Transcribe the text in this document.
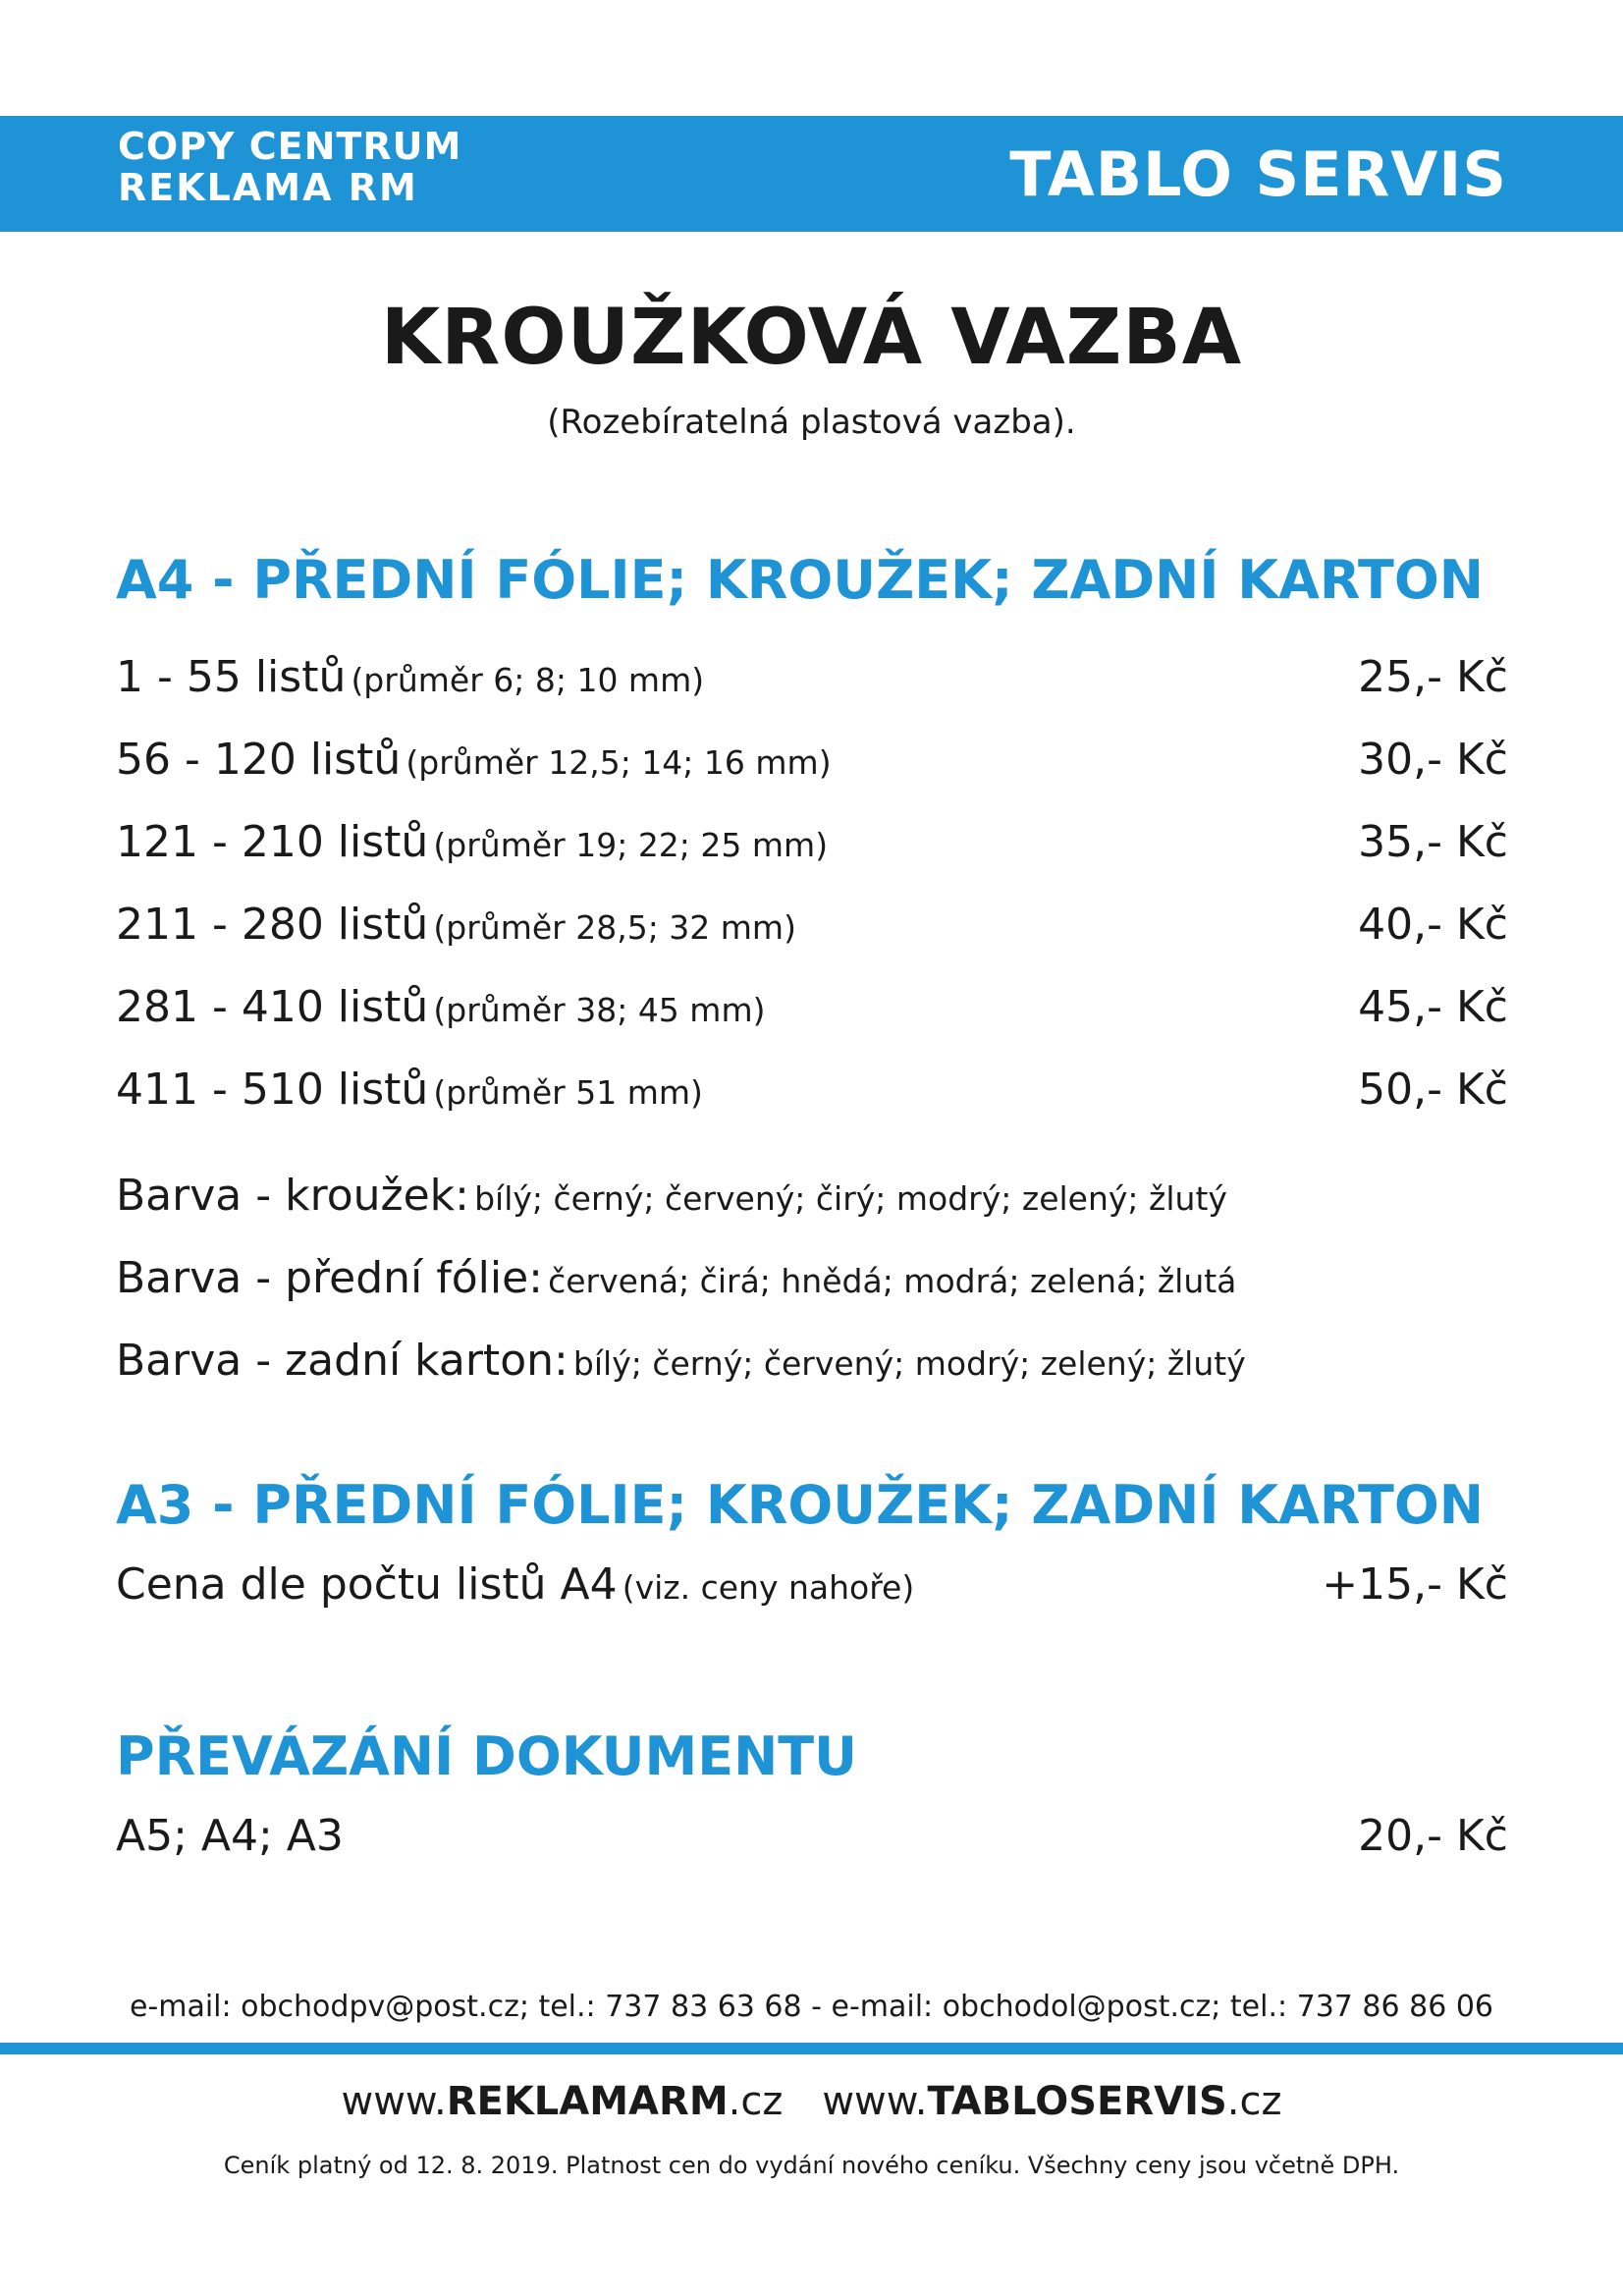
COPY CENTRUM
REKLAMA RM	TABLO SERVIS
KROUŽKOVÁ VAZBA
(Rozebíratelná plastová vazba).
A4 - PŘEDNÍ FÓLIE; KROUŽEK; ZADNÍ KARTON
1 - 55 listů (průměr 6; 8; 10 mm)	25,- Kč
56 - 120 listů (průměr 12,5; 14; 16 mm)	30,- Kč
121 - 210 listů (průměr 19; 22; 25 mm)	35,- Kč
211 - 280 listů (průměr 28,5; 32 mm)	40,- Kč
281 - 410 listů (průměr 38; 45 mm)	45,- Kč
411 - 510 listů (průměr 51 mm)	50,- Kč
Barva - kroužek: bílý; černý; červený; čirý; modrý; zelený; žlutý
Barva - přední fólie: červená; čirá; hnědá; modrá; zelená; žlutá
Barva - zadní karton: bílý; černý; červený; modrý; zelený; žlutý
A3 - PŘEDNÍ FÓLIE; KROUŽEK; ZADNÍ KARTON
Cena dle počtu listů A4 (viz. ceny nahoře)	+15,- Kč
PŘEVÁZÁNÍ DOKUMENTU
A5; A4; A3	20,- Kč
e-mail: obchodpv@post.cz; tel.: 737 83 63 68 - e-mail: obchodol@post.cz; tel.: 737 86 86 06
www.REKLAMARM.cz www.TABLOSERVIS.cz
Ceník platný od 12. 8. 2019. Platnost cen do vydání nového ceníku. Všechny ceny jsou včetně DPH.
